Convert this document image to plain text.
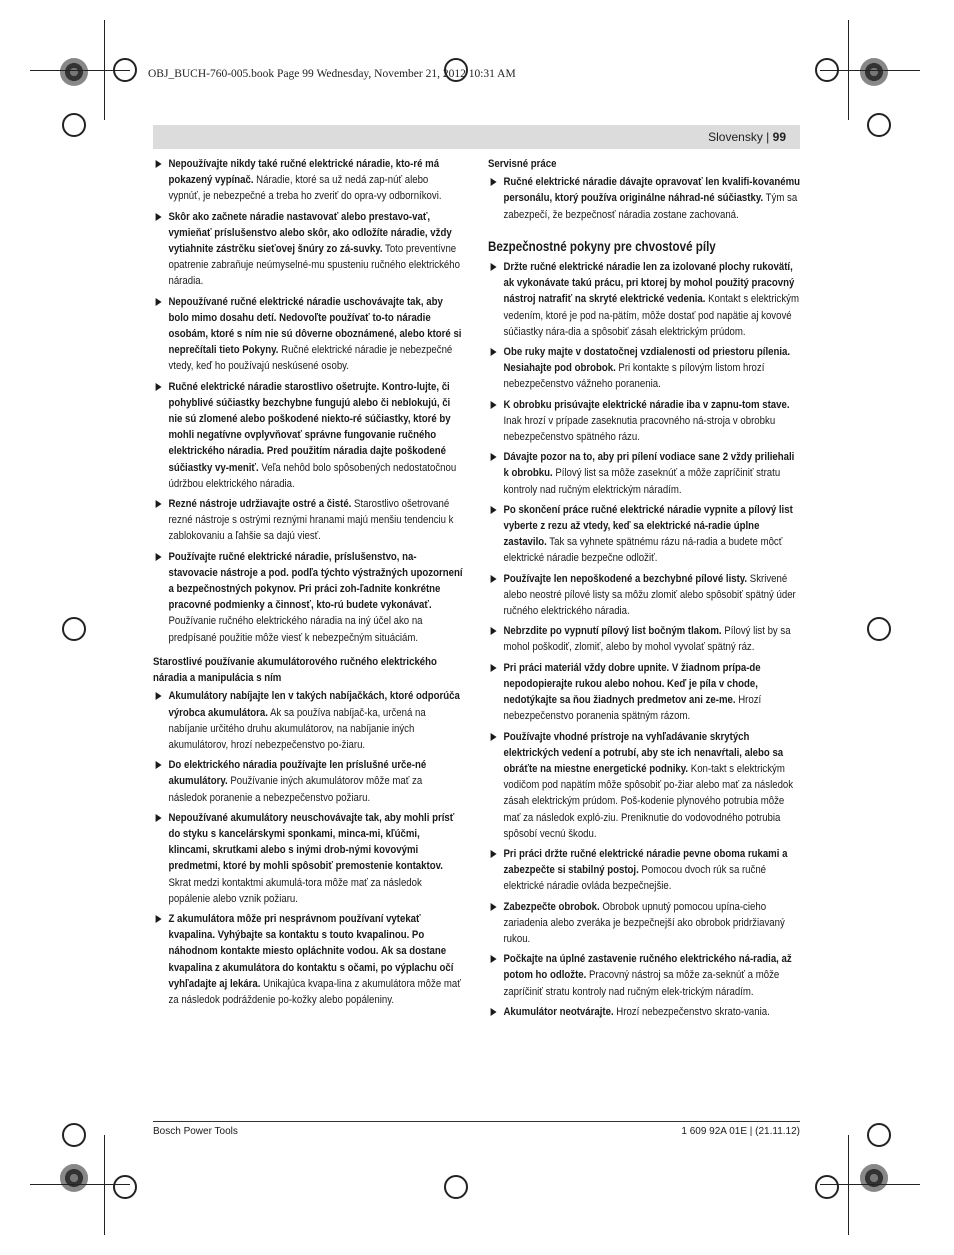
OBJ_BUCH-760-005.book Page 99 Wednesday, November 21, 2012 10:31 AM
Slovensky | 99
Nepoužívajte nikdy také ručné elektrické náradie, kto-ré má pokazený vypínač. Náradie, ktoré sa už nedá zap-núť alebo vypnúť, je nebezpečné a treba ho zveriť do opra-vy odborníkovi.
Skôr ako začnete náradie nastavovať alebo prestavo-vať, vymieňať príslušenstvo alebo skôr, ako odložíte náradie, vždy vytiahnite zástrčku sieťovej šnúry zo zá-suvky. Toto preventívne opatrenie zabraňuje neúmyselné-mu spusteniu ručného elektrického náradia.
Nepoužívané ručné elektrické náradie uschovávajte tak, aby bolo mimo dosahu detí. Nedovoľte používať to-to náradie osobám, ktoré s ním nie sú dôverne oboznámené, alebo ktoré si neprečítali tieto Pokyny. Ručné elektrické náradie je nebezpečné vtedy, keď ho používajú neskúsené osoby.
Ručné elektrické náradie starostlivo ošetrujte. Kontro-lujte, či pohyblivé súčiastky bezchybne fungujú alebo či neblokujú, či nie sú zlomené alebo poškodené niekto-ré súčiastky, ktoré by mohli negatívne ovplyvňovať správne fungovanie ručného elektrického náradia. Pred použitím náradia dajte poškodené súčiastky vy-meniť. Veľa nehôd bolo spôsobených nedostatočnou údržbou elektrického náradia.
Rezné nástroje udržiavajte ostré a čisté. Starostlivo ošetrované rezné nástroje s ostrými reznými hranami majú menšiu tendenciu k zablokovaniu a ľahšie sa dajú viesť.
Používajte ručné elektrické náradie, príslušenstvo, na-stavovacie nástroje a pod. podľa týchto výstražných upozornení a bezpečnostných pokynov. Pri práci zoh-ľadnite konkrétne pracovné podmienky a činnosť, kto-rú budete vykonávať. Používanie ručného elektrického náradia na iný účel ako na predpísané použitie môže viesť k nebezpečným situáciám.
Starostlivé používanie akumulátorového ručného elektrického náradia a manipulácia s ním
Akumulátory nabíjajte len v takých nabíjačkách, ktoré odporúča výrobca akumulátora. Ak sa používa nabíjač-ka, určená na nabíjanie určitého druhu akumulátorov, na nabíjanie iných akumulátorov, hrozí nebezpečenstvo po-žiaru.
Do elektrického náradia používajte len príslušné urče-né akumulátory. Používanie iných akumulátorov môže mať za následok poranenie a nebezpečenstvo požiaru.
Nepoužívané akumulátory neuschovávajte tak, aby mohli prísť do styku s kancelárskymi sponkami, minca-mi, kľúčmi, klincami, skrutkami alebo s inými drob-nými kovovými predmetmi, ktoré by mohli spôsobiť premostenie kontaktov. Skrat medzi kontaktmi akumulá-tora môže mať za následok popálenie alebo vznik požiaru.
Z akumulátora môže pri nesprávnom používaní vytekať kvapalina. Vyhýbajte sa kontaktu s touto kvapalinou. Po náhodnom kontakte miesto opláchnite vodou. Ak sa dostane kvapalina z akumulátora do kontaktu s očami, po výplachu očí vyhľadajte aj lekára. Unikajúca kvapa-lina z akumulátora môže mať za následok podráždenie po-kožky alebo popáleniny.
Servisné práce
Ručné elektrické náradie dávajte opravovať len kvalifi-kovanému personálu, ktorý používa originálne náhrad-né súčiastky. Tým sa zabezpečí, že bezpečnosť náradia zostane zachovaná.
Bezpečnostné pokyny pre chvostové píly
Držte ručné elektrické náradie len za izolované plochy rukovätí, ak vykonávate takú prácu, pri ktorej by mohol použitý pracovný nástroj natrafiť na skryté elektrické vedenia. Kontakt s elektrickým vedením, ktoré je pod na-pätím, môže dostať pod napätie aj kovové súčiastky nára-dia a spôsobiť zásah elektrickým prúdom.
Obe ruky majte v dostatočnej vzdialenosti od priestoru pílenia. Nesiahajte pod obrobok. Pri kontakte s pílovým listom hrozí nebezpečenstvo vážneho poranenia.
K obrobku prisúvajte elektrické náradie iba v zapnu-tom stave. Inak hrozí v prípade zaseknutia pracovného ná-stroja v obrobku nebezpečenstvo spätného rázu.
Dávajte pozor na to, aby pri pílení vodiace sane 2 vždy priliehali k obrobku. Pílový list sa môže zaseknúť a môže zapríčiniť stratu kontroly nad ručným elektrickým náradím.
Po skončení práce ručné elektrické náradie vypnite a pílový list vyberte z rezu až vtedy, keď sa elektrické ná-radie úplne zastavilo. Tak sa vyhnete spätnému rázu ná-radia a budete môcť elektrické náradie bezpečne odložiť.
Používajte len nepoškodené a bezchybné pílové listy. Skrivené alebo neostré pílové listy sa môžu zlomiť alebo spôsobiť spätný úder ručného elektrického náradia.
Nebrzdite po vypnutí pílový list bočným tlakom. Pílový list by sa mohol poškodiť, zlomiť, alebo by mohol vyvolať spätný ráz.
Pri práci materiál vždy dobre upnite. V žiadnom prípa-de nepodopierajte rukou alebo nohou. Keď je píla v chode, nedotýkajte sa ňou žiadnych predmetov ani ze-me. Hrozí nebezpečenstvo poranenia spätným rázom.
Používajte vhodné prístroje na vyhľadávanie skrytých elektrických vedení a potrubí, aby ste ich nenavŕtali, alebo sa obráťte na miestne energetické podniky. Kon-takt s elektrickým vodičom pod napätím môže spôsobiť po-žiar alebo mať za následok zásah elektrickým prúdom. Poš-kodenie plynového potrubia môže mať za následok expló-ziu. Preniknutie do vodovodného potrubia spôsobí vecnú škodu.
Pri práci držte ručné elektrické náradie pevne oboma rukami a zabezpečte si stabilný postoj. Pomocou dvoch rúk sa ručné elektrické náradie ovláda bezpečnejšie.
Zabezpečte obrobok. Obrobok upnutý pomocou upína-cieho zariadenia alebo zveráka je bezpečnejší ako obrobok pridržiavaný rukou.
Počkajte na úplné zastavenie ručného elektrického ná-radia, až potom ho odložte. Pracovný nástroj sa môže za-seknúť a môže zapríčiniť stratu kontroly nad ručným elek-trickým náradím.
Akumulátor neotvárajte. Hrozí nebezpečenstvo skrato-vania.
Bosch Power Tools	1 609 92A 01E | (21.11.12)
